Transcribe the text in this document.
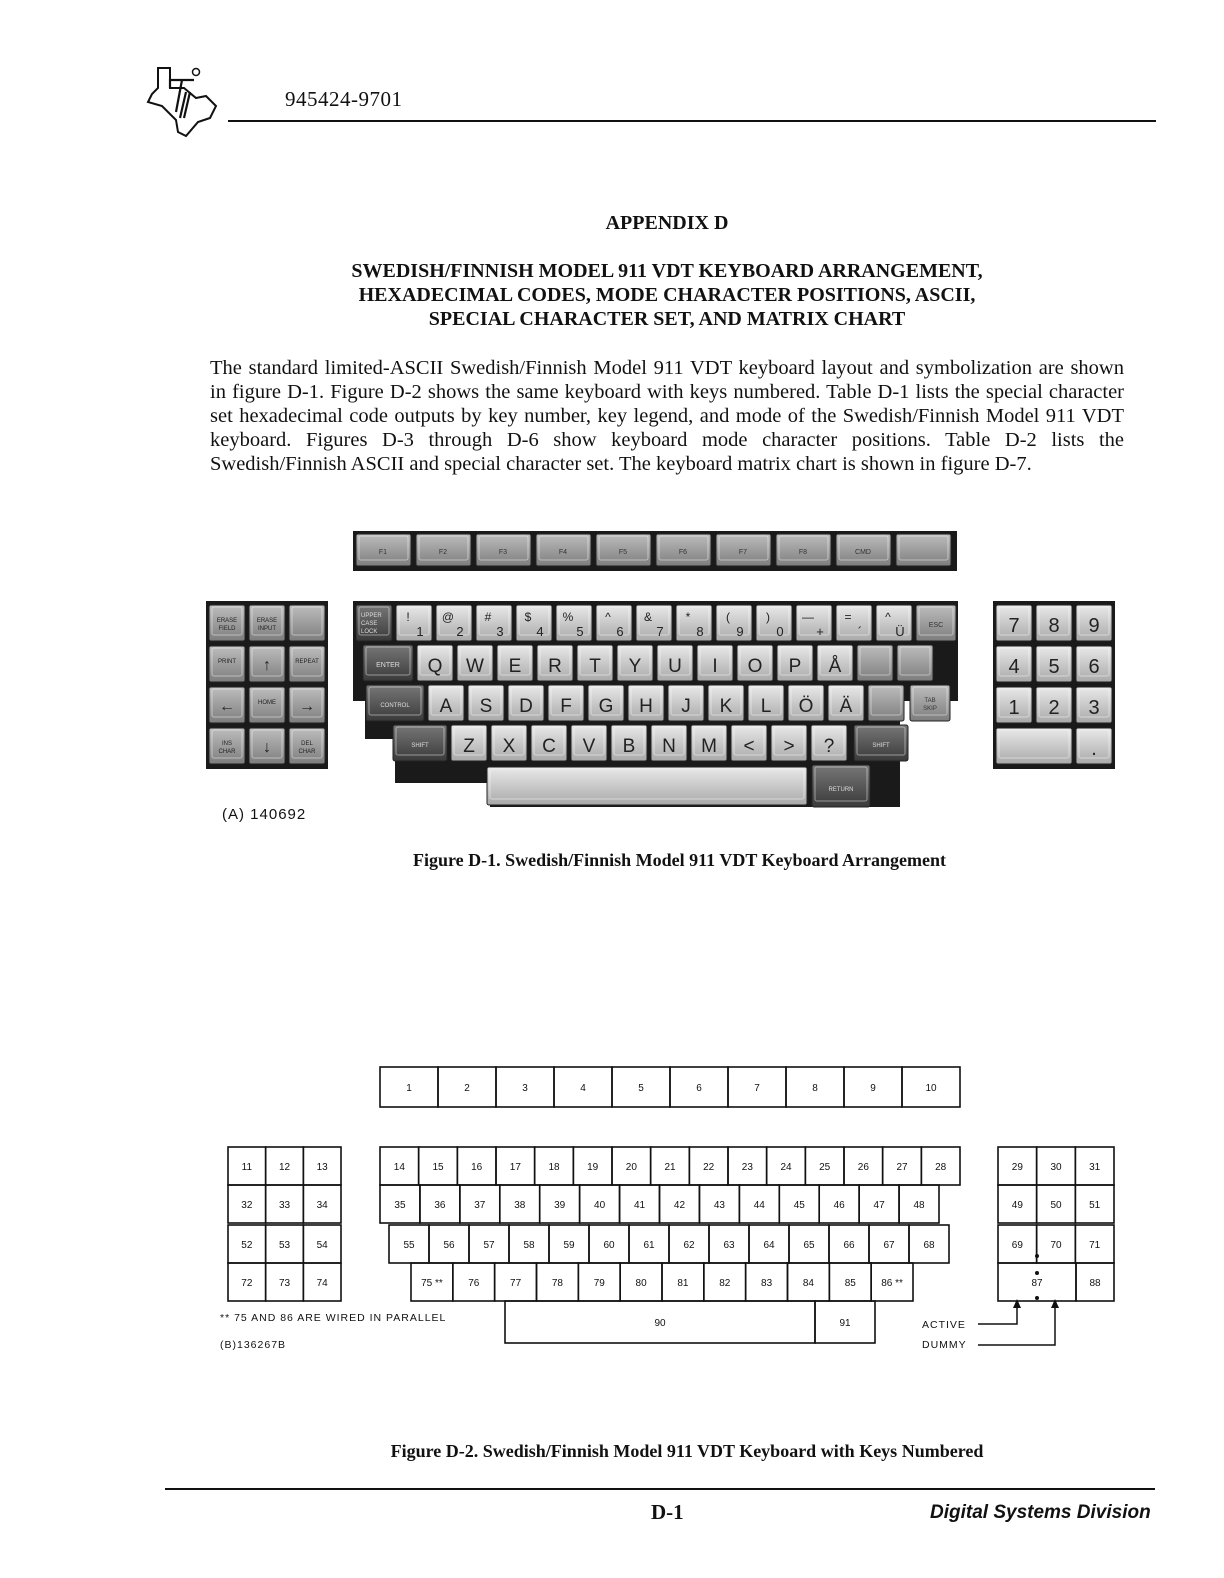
945424-9701
APPENDIX D
SWEDISH/FINNISH MODEL 911 VDT KEYBOARD ARRANGEMENT,
HEXADECIMAL CODES, MODE CHARACTER POSITIONS, ASCII,
SPECIAL CHARACTER SET, AND MATRIX CHART
The standard limited-ASCII Swedish/Finnish Model 911 VDT keyboard layout and symbolization are shown in figure D-1. Figure D-2 shows the same keyboard with keys numbered. Table D-1 lists the special character set hexadecimal code outputs by key number, key legend, and mode of the Swedish/Finnish Model 911 VDT keyboard. Figures D-3 through D-6 show keyboard mode character positions. Table D-2 lists the Swedish/Finnish ASCII and special character set. The keyboard matrix chart is shown in figure D-7.
F1	F2	F3	F4	F5	F6	F7	F8	CMD
ERASE
FIELD
ERASE
INPUT
PRINT ↑	REPEAT
←	HOME →
INS
CHAR ↓	DEL
CHAR
UPPER
CASE
LOCK
!
1
@
2
#
3
$
4
%
5
^
6
&
7
*
8
(
9
)
0
—
+
=
´
^
Ü	ESC
ENTER Q W E R T Y U I O P Å
CONTROL A S D F G H J K L Ö Ä	TAB
SKIP
SHIFT Z X C V B N M < > ?	SHIFT
RETURN
7 8 9
4 5 6
1 2 3
.
(A) 140692
Figure D-1. Swedish/Finnish Model 911 VDT Keyboard Arrangement
1	2	3	4	5	6	7	8	9	10
11	12	13
32	33	34
52	53	54
72	73	74
14	15	16	17	18	19	20	21	22	23	24	25	26	27	28
35	36	37	38	39	40	41	42	43	44	45	46	47	48
55	56	57	58	59	60	61	62	63	64	65	66	67	68
75 **	76	77	78	79	80	81	82	83	84	85	86 **
90	91
29	30	31
49	50	51
69	70	71
87	88
ACTIVE
DUMMY
** 75 AND 86 ARE WIRED IN PARALLEL
(B)136267B
Figure D-2. Swedish/Finnish Model 911 VDT Keyboard with Keys Numbered
D-1	Digital Systems Division
